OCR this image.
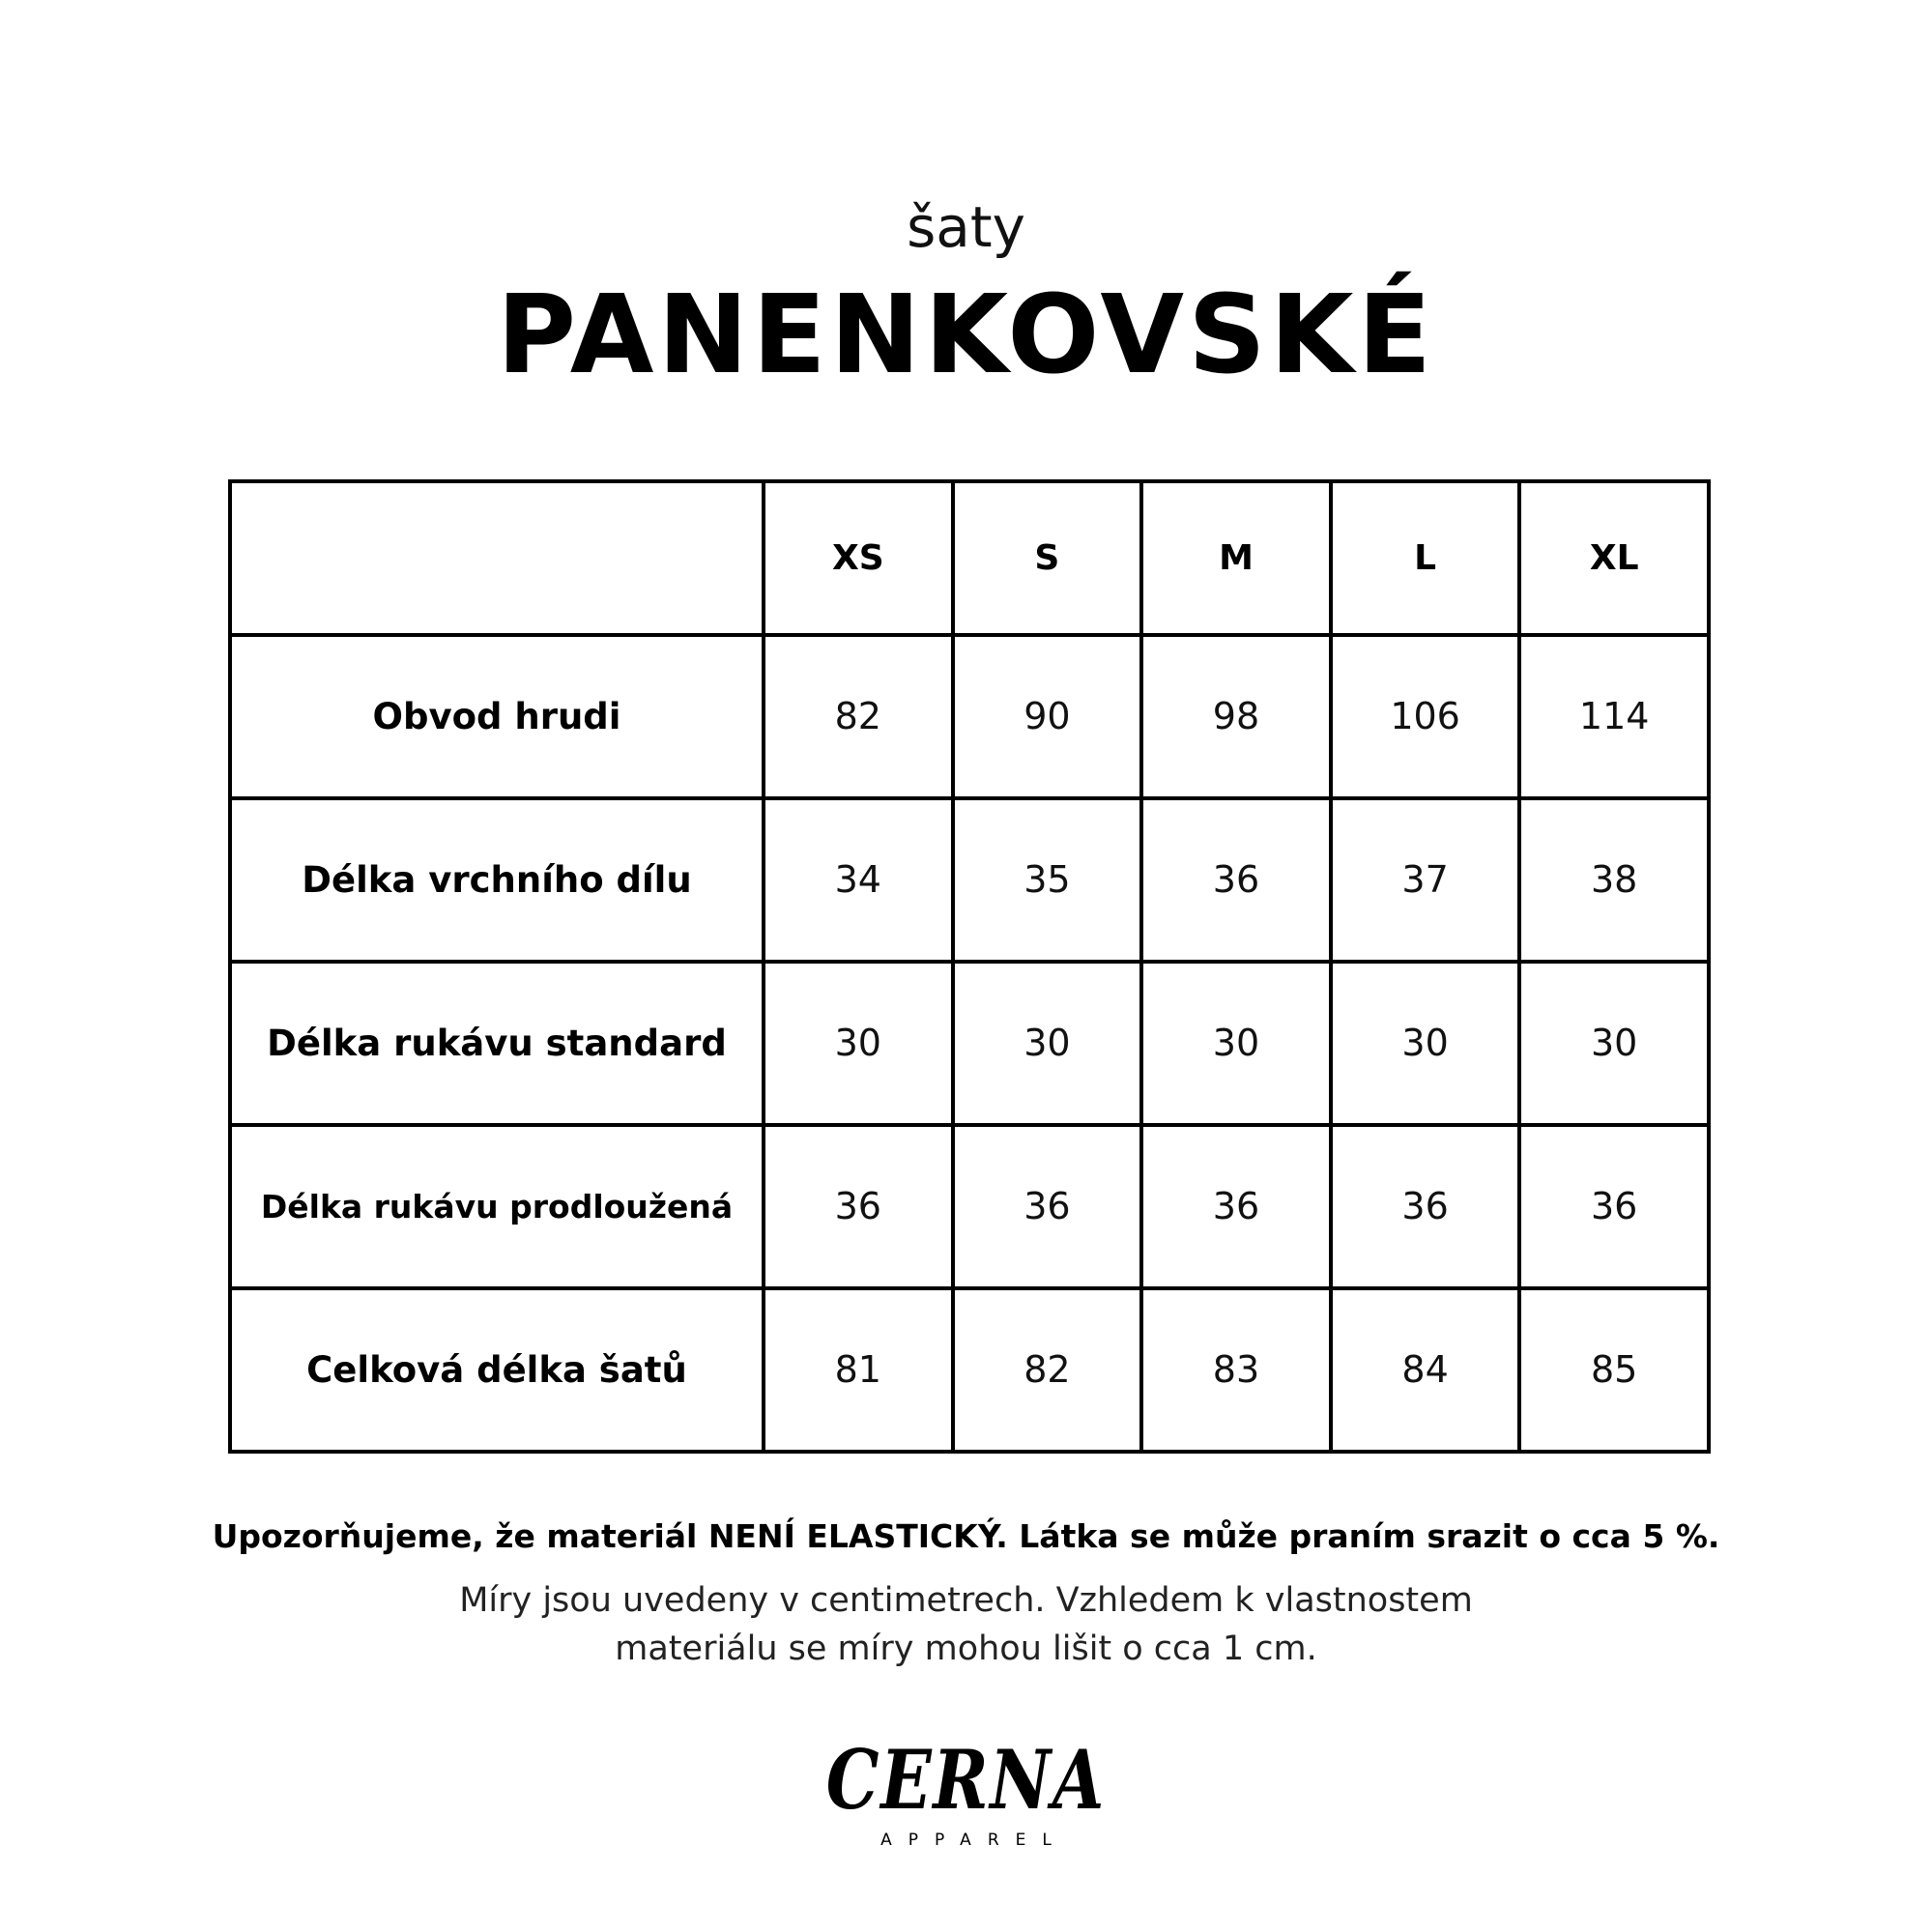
šaty
PANENKOVSKÉ
	XS	S	M	L	XL
Obvod hrudi	82	90	98	106	114
Délka vrchního dílu	34	35	36	37	38
Délka rukávu standard	30	30	30	30	30
Délka rukávu prodloužená	36	36	36	36	36
Celková délka šatů	81	82	83	84	85
Upozorňujeme, že materiál NENÍ ELASTICKÝ. Látka se může praním srazit o cca 5 %.
Míry jsou uvedeny v centimetrech. Vzhledem k vlastnostem
materiálu se míry mohou lišit o cca 1 cm.
CERNA
APPAREL
